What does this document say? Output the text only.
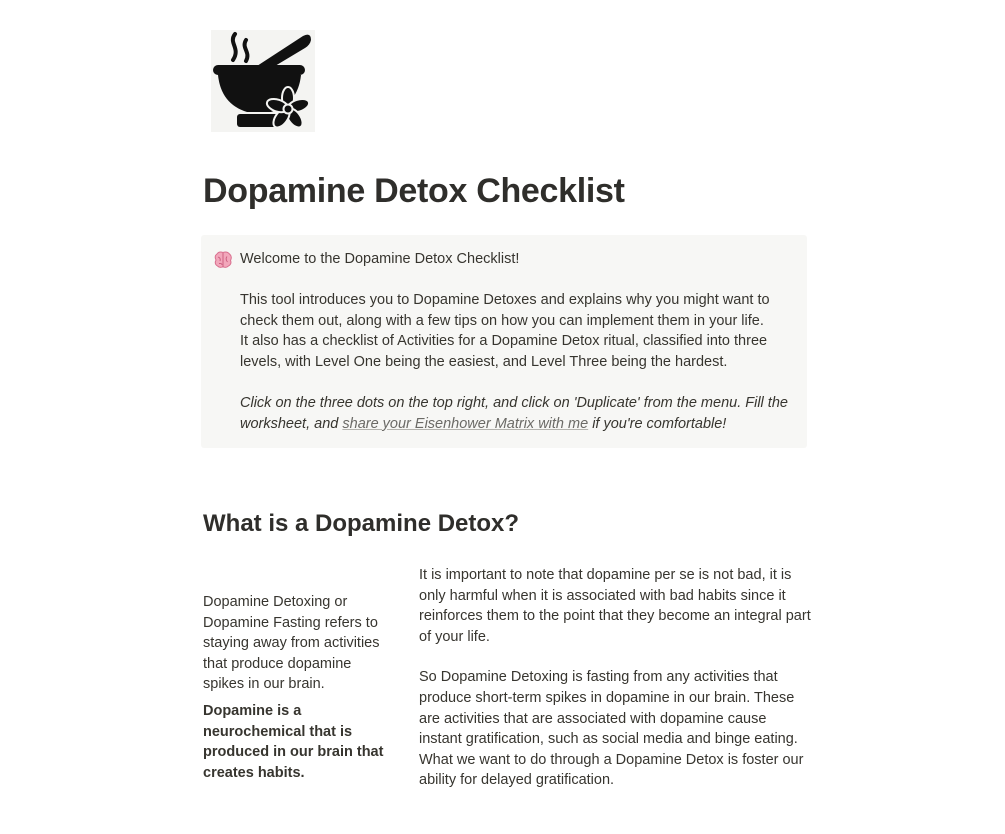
Dopamine Detox Checklist

Welcome to the Dopamine Detox Checklist!

This tool introduces you to Dopamine Detoxes and explains why you might want to check them out, along with a few tips on how you can implement them in your life.

It also has a checklist of Activities for a Dopamine Detox ritual, classified into three levels, with Level One being the easiest, and Level Three being the hardest.

Click on the three dots on the top right, and click on 'Duplicate' from the menu. Fill the worksheet, and share your Eisenhower Matrix with me if you're comfortable!

What is a Dopamine Detox?

Dopamine Detoxing or Dopamine Fasting refers to staying away from activities that produce dopamine spikes in our brain.

Dopamine is a neurochemical that is produced in our brain that creates habits.

It is important to note that dopamine per se is not bad, it is only harmful when it is associated with bad habits since it reinforces them to the point that they become an integral part of your life.

So Dopamine Detoxing is fasting from any activities that produce short-term spikes in dopamine in our brain. These are activities that are associated with dopamine cause instant gratification, such as social media and binge eating. What we want to do through a Dopamine Detox is foster our ability for delayed gratification.
